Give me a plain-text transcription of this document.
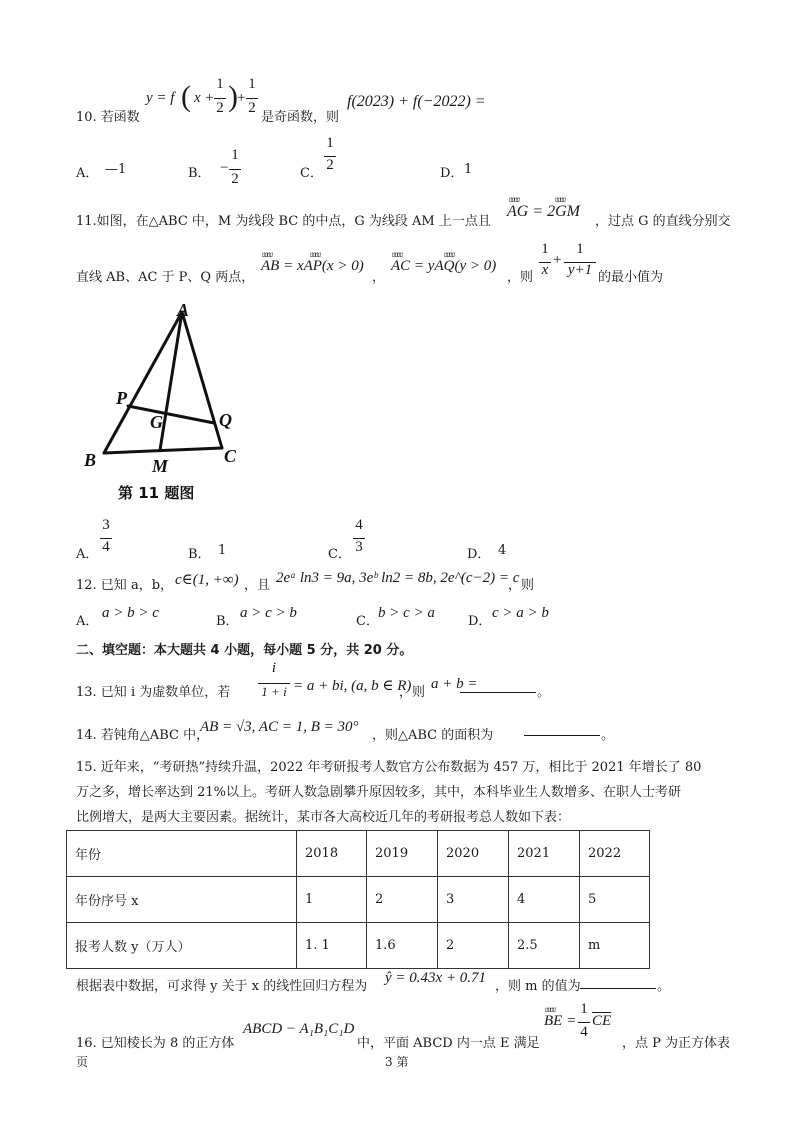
10. 若函数
y = f ( x +
1
2 ) +
1
2
是奇函数，则
f(2023) + f(−2022) =
A． —1	B． −
1
2	C．
1
2
D． 1
11.如图，在△ABC 中，M 为线段 BC 的中点，G 为线段 AM 上一点且
ﾛﾛﾛﾛ	ﾛﾛﾛﾛ
AG = 2GM
，过点 G 的直线分别交
直线 AB、AC 于 P、Q 两点，
ﾛﾛﾛﾛ	ﾛﾛﾛﾛ
AB = xAP(x > 0)
，
ﾛﾛﾛﾛ	ﾛﾛﾛﾛ
AC = yAQ(y > 0)
，则
1
x
+
1
y+1 的最小值为
A
P
G	Q
B	M	C
第 11 题图
A．
3
4	B． 1	C．
4
3	D． 4
12. 已知 a，b， c∈(1, +∞) ，且 2eᵃ ln3 = 9a, 3eᵇ ln2 = 8b, 2e^(c−2) = c
，则
A．
a > b > c
B．
a > c > b
C．
b > c > a
D．
c > a > b
二、填空题：本大题共 4 小题，每小题 5 分，共 20 分。
13. 已知 i 为虚数单位，若
i
1 + i = a + bi, (a, b ∈ R)
，则
a + b =
。
14. 若钝角△ABC 中，
AB = √3, AC = 1, B = 30°
，则△ABC 的面积为	。
15. 近年来，“考研热”持续升温，2022 年考研报考人数官方公布数据为 457 万，相比于 2021 年增长了 80
万之多，增长率达到 21%以上。考研人数急剧攀升原因较多，其中，本科毕业生人数增多、在职人士考研
比例增大，是两大主要因素。据统计，某市各大高校近几年的考研报考总人数如下表：
年份	2018	2019	2020	2021	2022
年份序号 x	1	2	3	4	5
报考人数 y（万人）	1. 1	1.6	2	2.5	m
根据表中数据，可求得 y 关于 x 的线性回归方程为
ŷ = 0.43x + 0.71
，则 m 的值为	。
16. 已知棱长为 8 的正方体
ABCD − A₁B₁C₁D
中，平面 ABCD 内一点 E 满足
ﾛﾛﾛﾛ
BE =
1
4
$\overline{CE}$
，点 P 为正方体表
页	3 第
